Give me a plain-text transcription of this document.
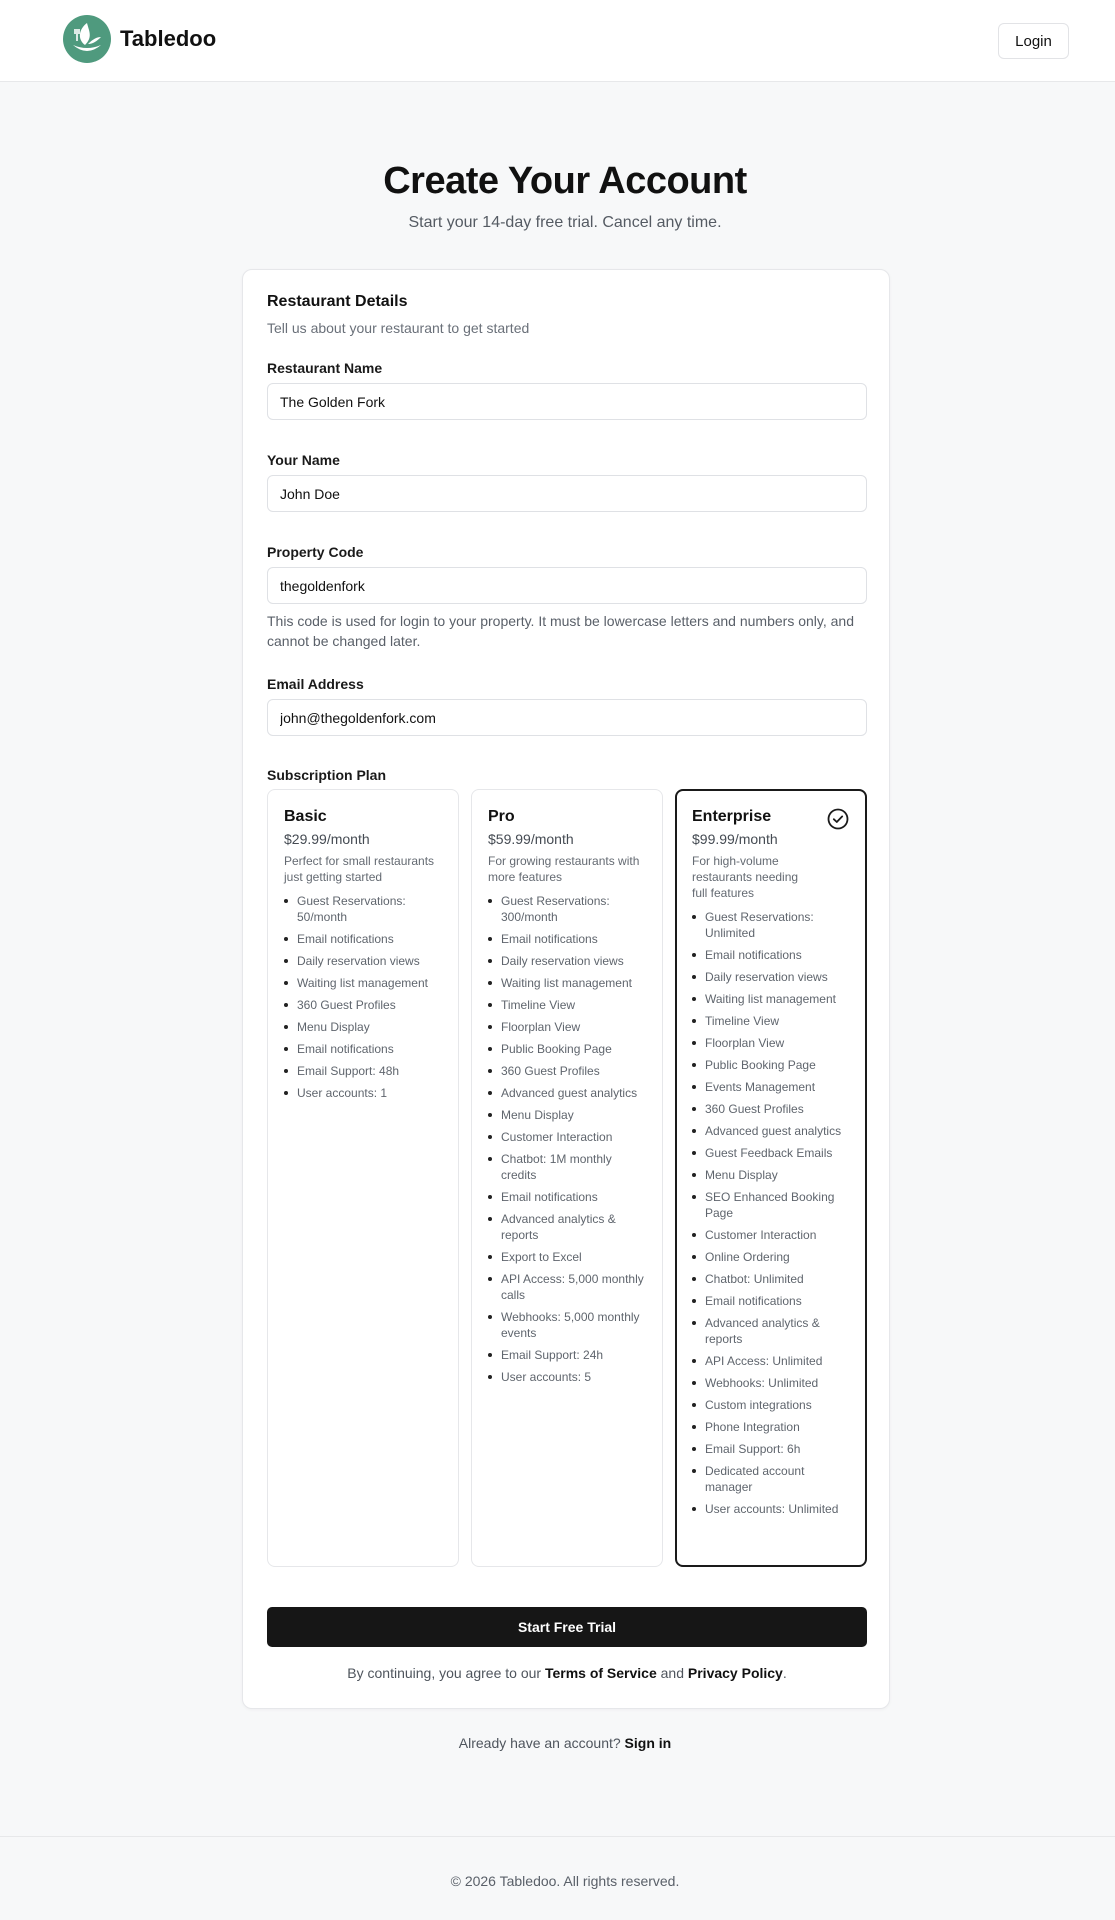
Tabledoo	Login
Create Your Account

Start your 14-day free trial. Cancel any time.

Restaurant Details
Tell us about your restaurant to get started
Restaurant Name
The Golden Fork
Your Name
John Doe
Property Code
thegoldenfork

This code is used for login to your property. It must be lowercase letters and numbers only, and cannot be changed later.

Email Address
john@thegoldenfork.com
Subscription Plan
Basic
$29.99/month
Perfect for small restaurants just getting started
Guest Reservations: 50/month
Email notifications
Daily reservation views
Waiting list management
360 Guest Profiles
Menu Display
Email notifications
Email Support: 48h
User accounts: 1
Pro
$59.99/month
For growing restaurants with more features
Guest Reservations: 300/month
Email notifications
Daily reservation views
Waiting list management
Timeline View
Floorplan View
Public Booking Page
360 Guest Profiles
Advanced guest analytics
Menu Display
Customer Interaction
Chatbot: 1M monthly credits
Email notifications
Advanced analytics & reports
Export to Excel
API Access: 5,000 monthly calls
Webhooks: 5,000 monthly events
Email Support: 24h
User accounts: 5
Enterprise
$99.99/month
For high-volume restaurants needing full features
Guest Reservations: Unlimited
Email notifications
Daily reservation views
Waiting list management
Timeline View
Floorplan View
Public Booking Page
Events Management
360 Guest Profiles
Advanced guest analytics
Guest Feedback Emails
Menu Display
SEO Enhanced Booking Page
Customer Interaction
Online Ordering
Chatbot: Unlimited
Email notifications
Advanced analytics & reports
API Access: Unlimited
Webhooks: Unlimited
Custom integrations
Phone Integration
Email Support: 6h
Dedicated account manager
User accounts: Unlimited
Start Free Trial

By continuing, you agree to our Terms of Service and Privacy Policy.

Already have an account? Sign in

© 2026 Tabledoo. All rights reserved.
